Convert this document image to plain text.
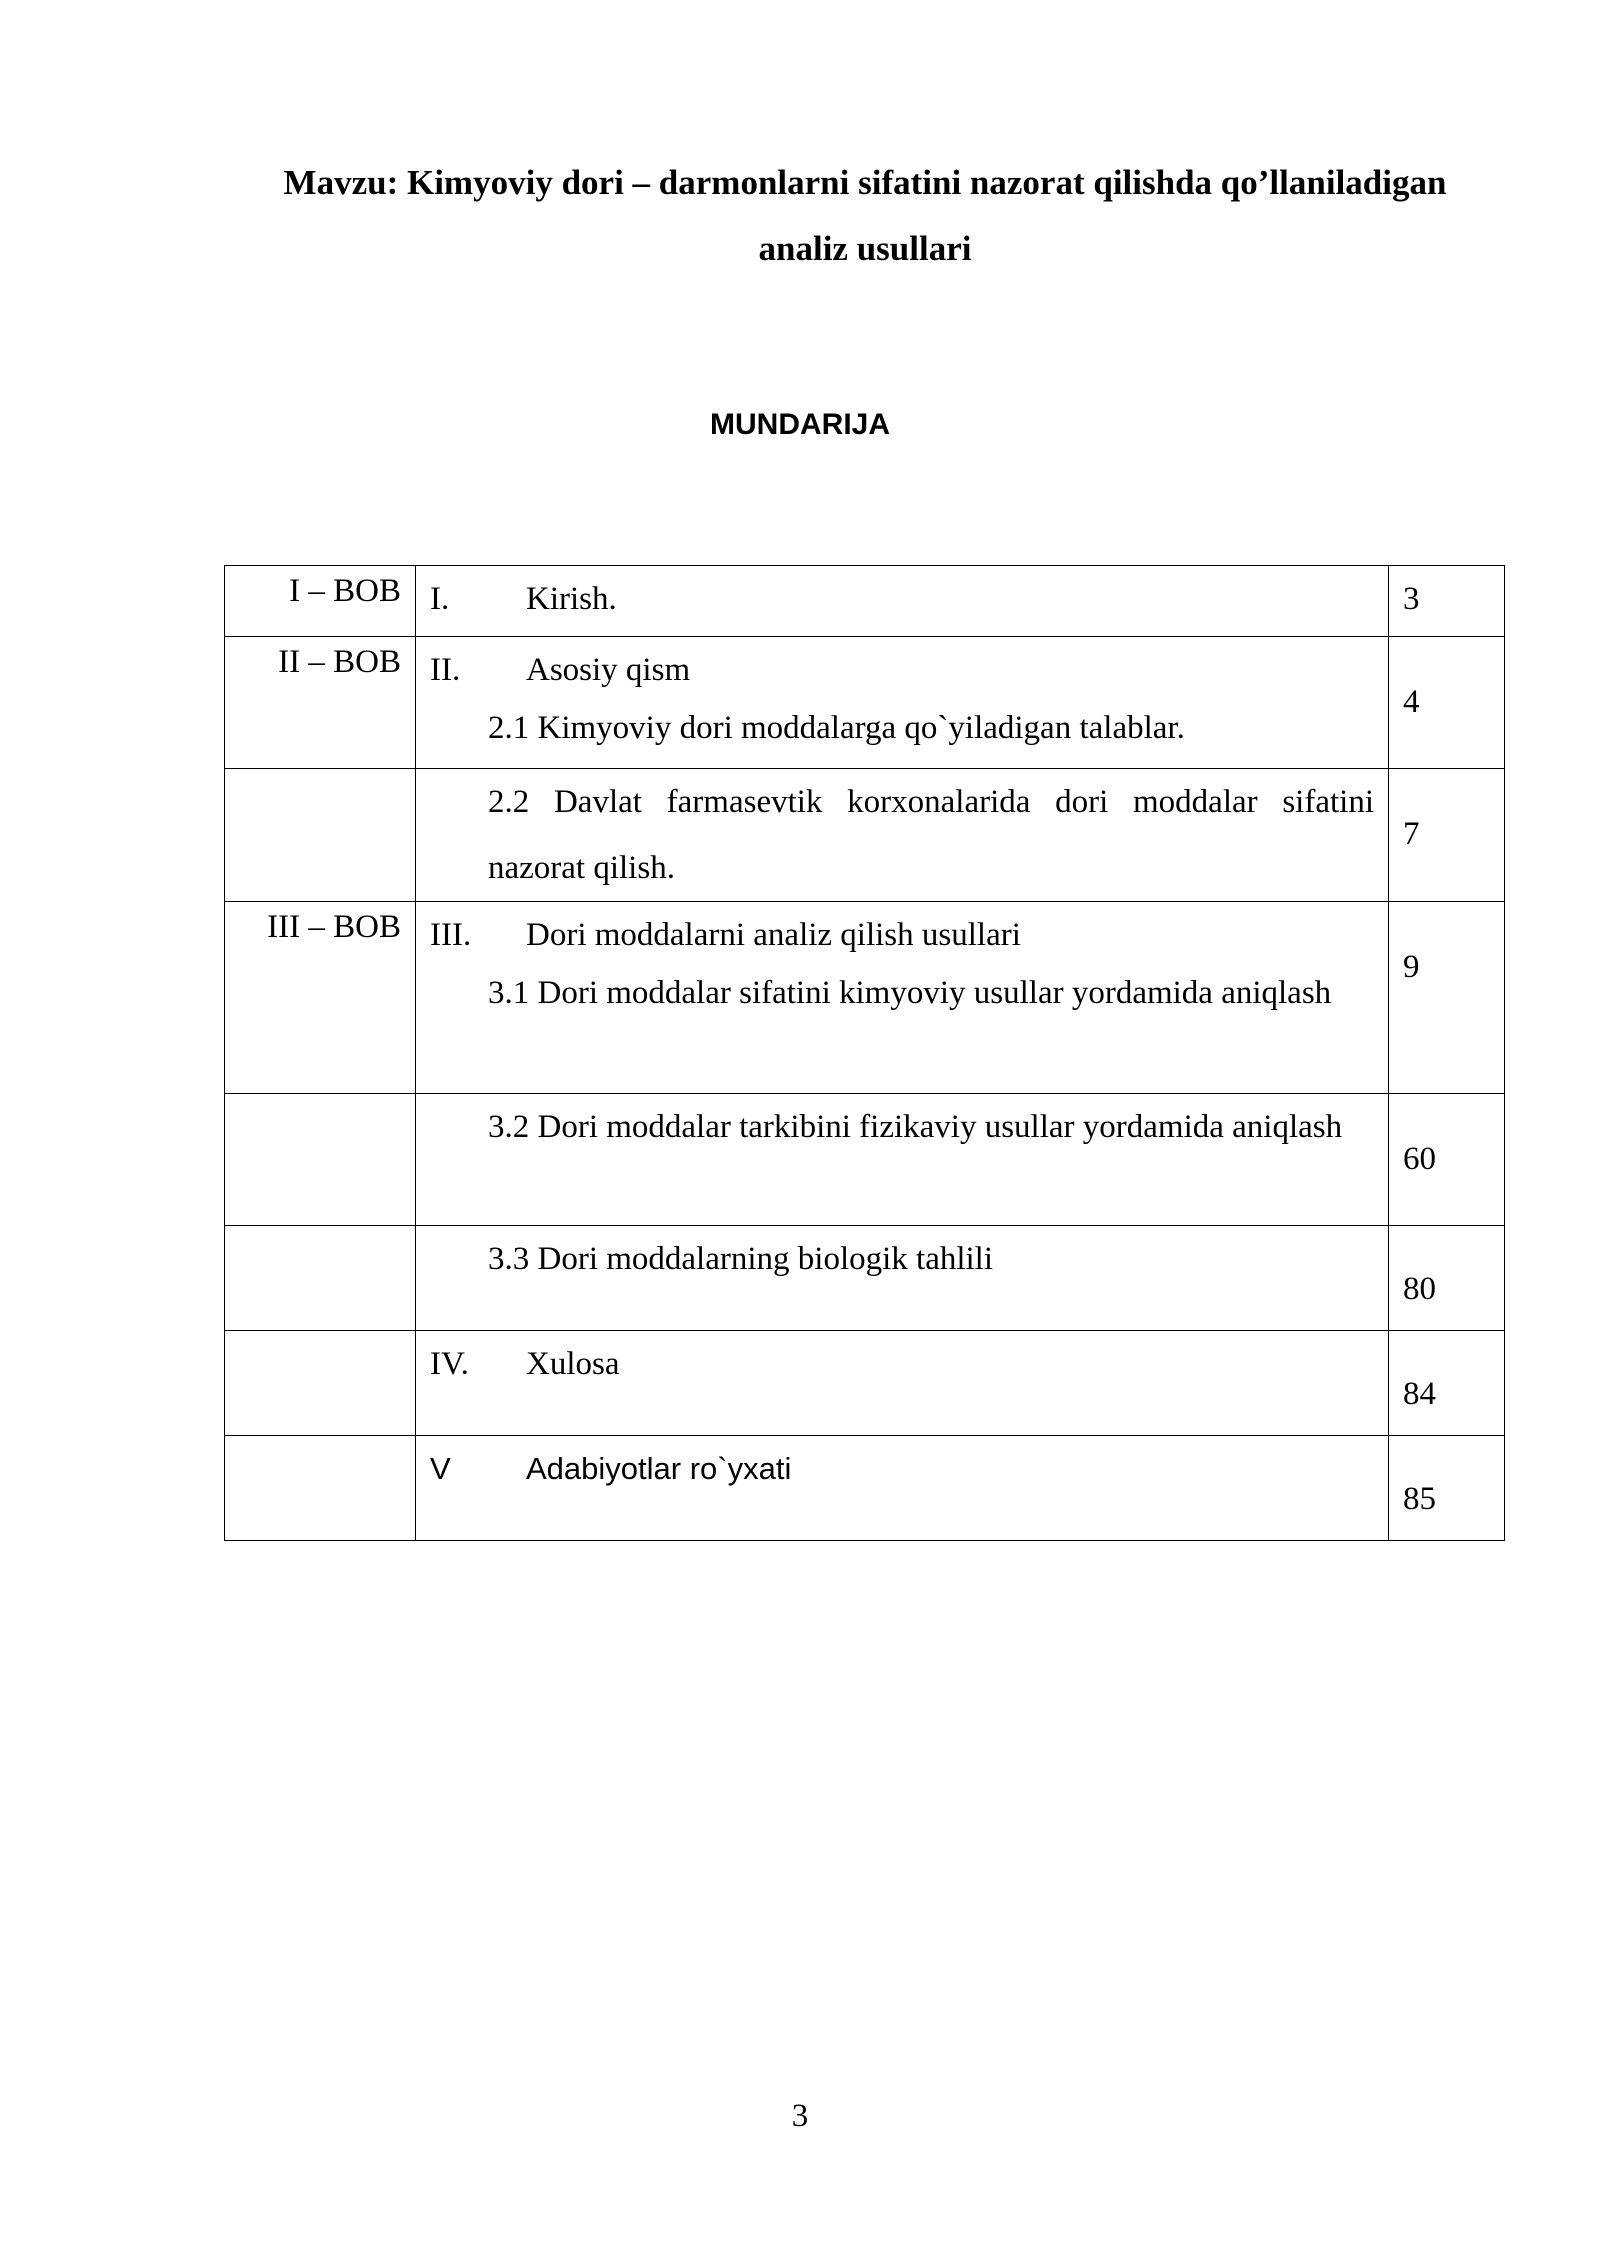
Mavzu: Kimyoviy dori – darmonlarni sifatini nazorat qilishda qo’llaniladigan
analiz usullari
MUNDARIJA
I – BOB	I. Kirish.	3

II – BOB	II. Asosiy qism
2.1 Kimyoviy dori moddalarga qo`yiladigan talablar.	4

	2.2 Davlat farmasevtik korxonalarida dori moddalar sifatini nazorat qilish.	7

III – BOB	III. Dori moddalarni analiz qilish usullari
3.1 Dori moddalar sifatini kimyoviy usullar yordamida aniqlash	9

	3.2 Dori moddalar tarkibini fizikaviy usullar yordamida aniqlash	60

	3.3 Dori moddalarning biologik tahlili	80

	IV. Xulosa	84

	V Adabiyotlar ro`yxati	85
3
